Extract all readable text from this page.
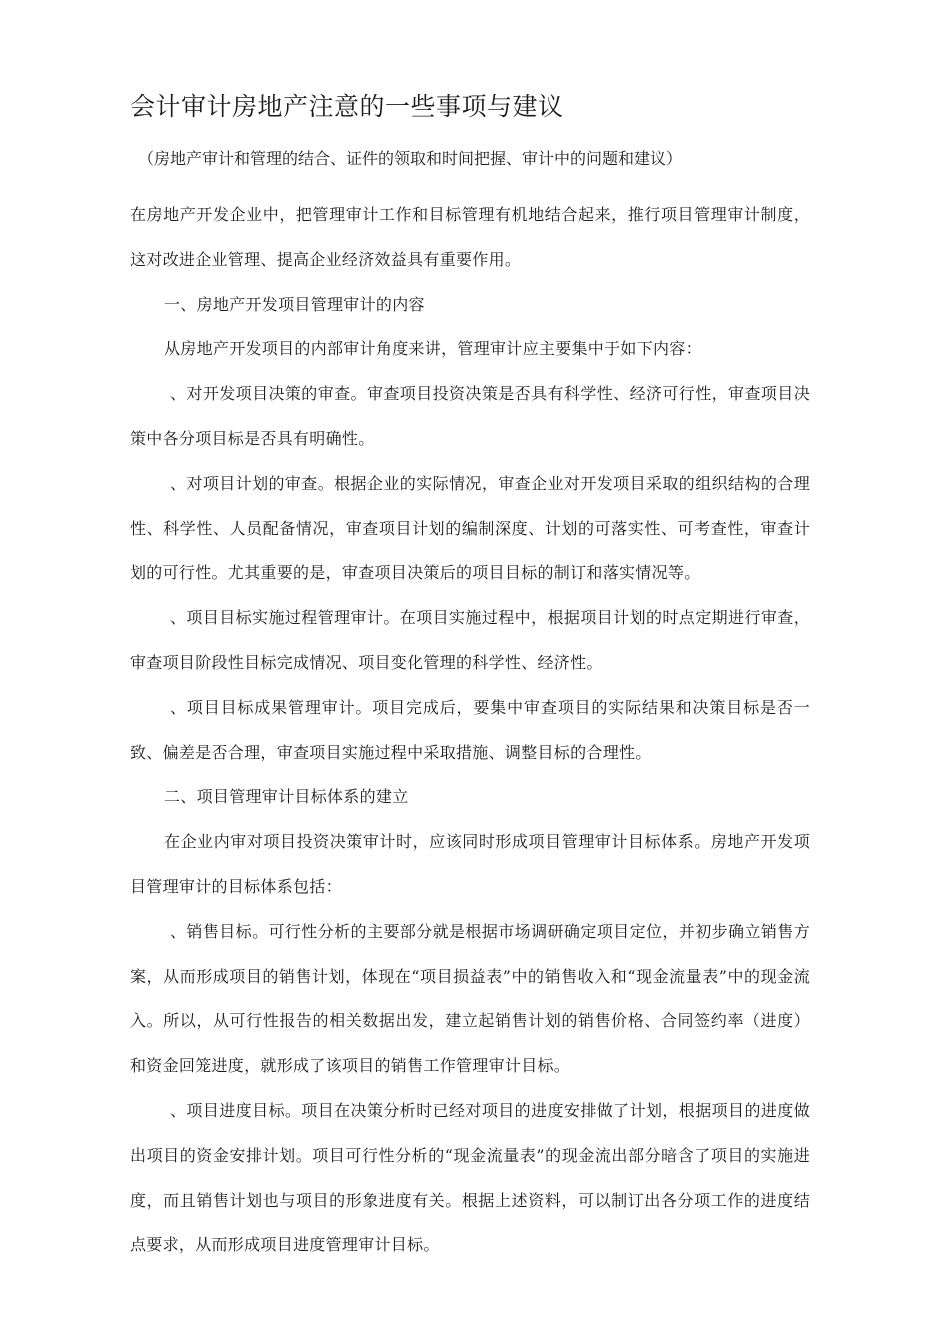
会计审计房地产注意的一些事项与建议
（房地产审计和管理的结合、证件的领取和时间把握、审计中的问题和建议）

在房地产开发企业中，把管理审计工作和目标管理有机地结合起来，推行项目管理审计制度，这对改进企业管理、提高企业经济效益具有重要作用。

一、房地产开发项目管理审计的内容

从房地产开发项目的内部审计角度来讲，管理审计应主要集中于如下内容：

、对开发项目决策的审查。审查项目投资决策是否具有科学性、经济可行性，审查项目决策中各分项目标是否具有明确性。

、对项目计划的审查。根据企业的实际情况，审查企业对开发项目采取的组织结构的合理性、科学性、人员配备情况，审查项目计划的编制深度、计划的可落实性、可考查性，审查计划的可行性。尤其重要的是，审查项目决策后的项目目标的制订和落实情况等。

、项目目标实施过程管理审计。在项目实施过程中，根据项目计划的时点定期进行审查，审查项目阶段性目标完成情况、项目变化管理的科学性、经济性。

、项目目标成果管理审计。项目完成后，要集中审查项目的实际结果和决策目标是否一致、偏差是否合理，审查项目实施过程中采取措施、调整目标的合理性。

二、项目管理审计目标体系的建立

在企业内审对项目投资决策审计时，应该同时形成项目管理审计目标体系。房地产开发项目管理审计的目标体系包括：

、销售目标。可行性分析的主要部分就是根据市场调研确定项目定位，并初步确立销售方案，从而形成项目的销售计划，体现在“项目损益表”中的销售收入和“现金流量表”中的现金流入。所以，从可行性报告的相关数据出发，建立起销售计划的销售价格、合同签约率（进度）和资金回笼进度，就形成了该项目的销售工作管理审计目标。

、项目进度目标。项目在决策分析时已经对项目的进度安排做了计划，根据项目的进度做出项目的资金安排计划。项目可行性分析的“现金流量表”的现金流出部分暗含了项目的实施进度，而且销售计划也与项目的形象进度有关。根据上述资料，可以制订出各分项工作的进度结点要求，从而形成项目进度管理审计目标。
